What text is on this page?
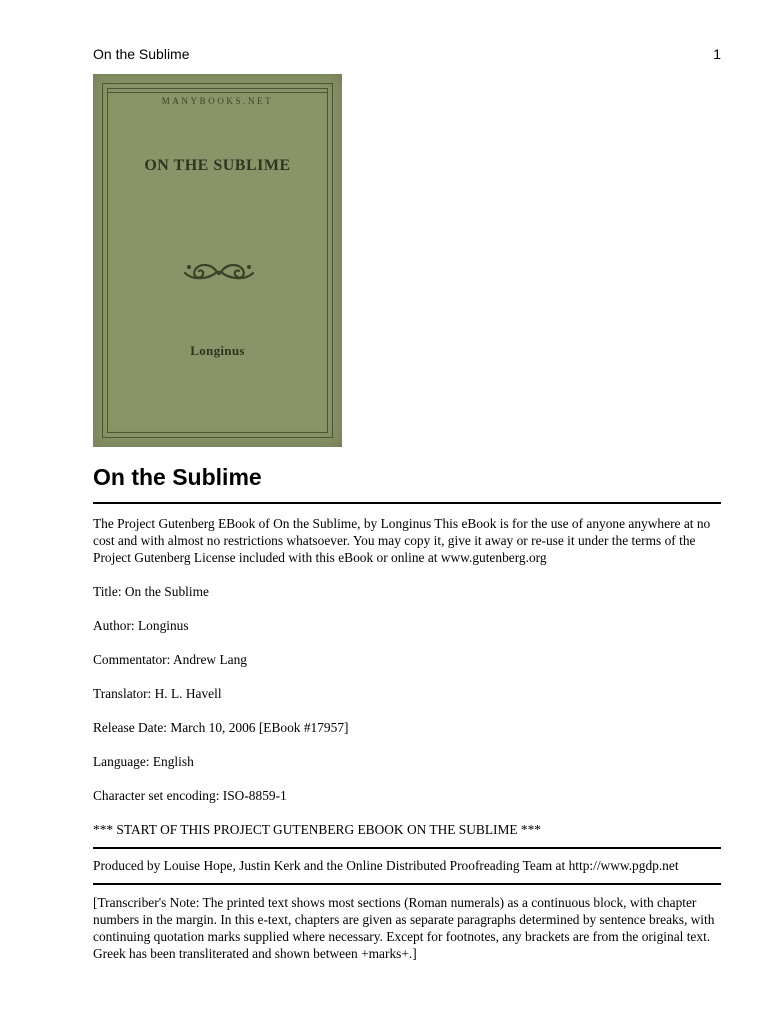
On the Sublime	1
MANYBOOKS.NET
ON THE SUBLIME
Longinus
On the Sublime

The Project Gutenberg EBook of On the Sublime, by Longinus This eBook is for the use of anyone anywhere at no cost and with almost no restrictions whatsoever. You may copy it, give it away or re-use it under the terms of the Project Gutenberg License included with this eBook or online at www.gutenberg.org

Title: On the Sublime

Author: Longinus

Commentator: Andrew Lang

Translator: H. L. Havell

Release Date: March 10, 2006 [EBook #17957]

Language: English

Character set encoding: ISO-8859-1

*** START OF THIS PROJECT GUTENBERG EBOOK ON THE SUBLIME ***

Produced by Louise Hope, Justin Kerk and the Online Distributed Proofreading Team at http://www.pgdp.net

[Transcriber's Note: The printed text shows most sections (Roman numerals) as a continuous block, with chapter numbers in the margin. In this e-text, chapters are given as separate paragraphs determined by sentence breaks, with continuing quotation marks supplied where necessary. Except for footnotes, any brackets are from the original text. Greek has been transliterated and shown between +marks+.]
